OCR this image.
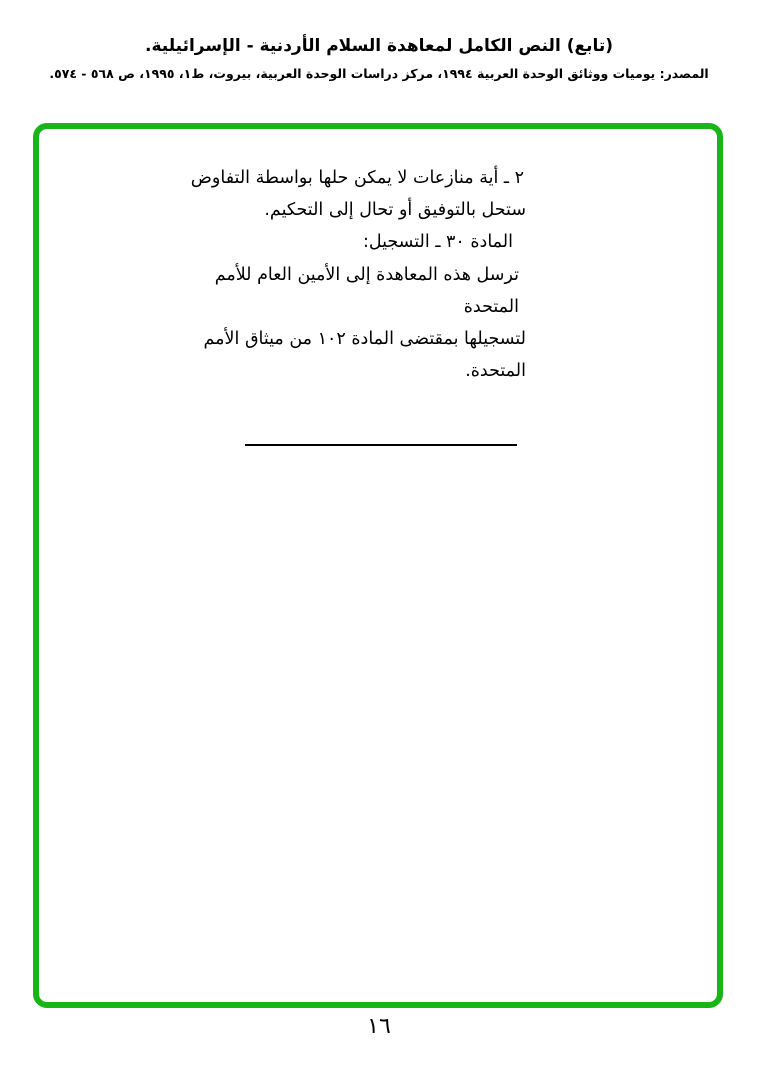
(تابع) النص الكامل لمعاهدة السلام الأردنية - الإسرائيلية.
المصدر: يوميات ووثائق الوحدة العربية ١٩٩٤، مركز دراسات الوحدة العربية، بيروت، ط١، ١٩٩٥، ص ٥٦٨ - ٥٧٤.

٢ ـ أية منازعات لا يمكن حلها بواسطة التفاوض

ستحل بالتوفيق أو تحال إلى التحكيم.

المادة ٣٠ ـ التسجيل:

ترسل هذه المعاهدة إلى الأمين العام للأمم المتحدة

لتسجيلها بمقتضى المادة ١٠٢ من ميثاق الأمم المتحدة.

١٦
